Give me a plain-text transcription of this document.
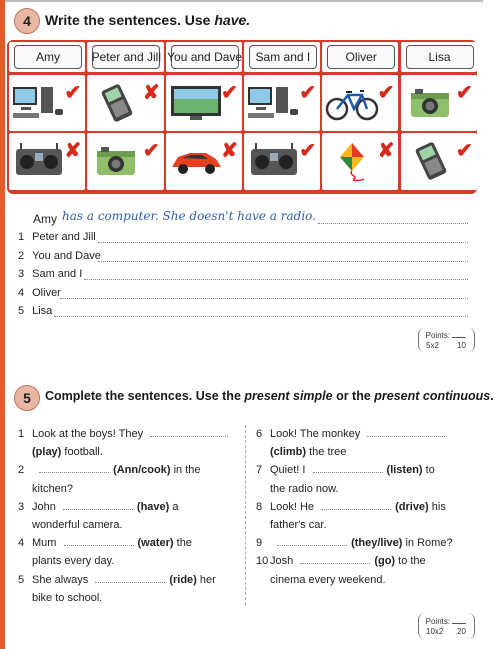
4 Write the sentences. Use have.
Amy
✔
✘
Peter and Jill
✘
✔
You and Dave
✔
✘
Sam and I
✔
✔
Oliver
✔
✘
Lisa
✔
✔
Amy has a computer. She doesn't have a radio.
1 Peter and Jill
2 You and Dave
3 Sam and I
4 Oliver
5 Lisa
Points:
5x2 10
5 Complete the sentences. Use the present simple or the present continuous.
1 Look at the boys! They
(play) football.
2	(Ann/cook) in the
kitchen?
3 John	(have) a
wonderful camera.
4 Mum	(water) the
plants every day.
5 She always	(ride) her
bike to school.
6 Look! The monkey
(climb) the tree
7 Quiet! I	(listen) to
the radio now.
8 Look! He	(drive) his
father's car.
9	(they/live) in Rome?
10 Josh	(go) to the
cinema every weekend.
Points:
10x2 20
